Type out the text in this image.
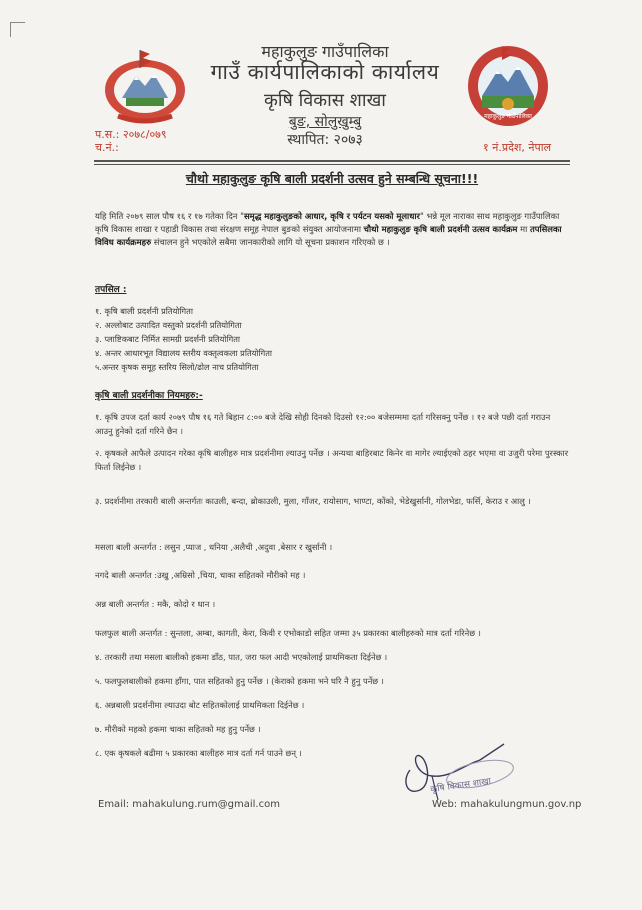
महाकुलुङ गाउँपालिका
महाकुलुङ गाउँपालिका
गाउँ कार्यपालिकाको कार्यालय
कृषि विकास शाखा
बुङ, सोलुखुम्बु
स्थापित: २०७३
प.स.: २०७८/०७९
च.नं.:	१ नं.प्रदेश, नेपाल
चौथो महाकुलुङ कृषि बाली प्रदर्शनी उत्सव हुने सम्बन्धि सूचना!!!
यहि मिति २०७९ साल पौष १६ र १७ गतेका दिन "समृद्ध महाकुलुङको आधार, कृषि र पर्यटन यसको मूलाधार" भन्ने मूल नाराका साथ महाकुलुङ गाउँपालिका कृषि विकास शाखा र पहाडी विकास तथा संरक्षण समूह नेपाल बुङको संयुक्त आयोजनामा चौथो महाकुलुङ कृषि बाली प्रदर्शनी उत्सव कार्यक्रम मा तपसिलका विविध कार्यक्रमहरु संचालन हुने भएकोले सबैमा जानकारीको लागि यो सूचना प्रकाशन गरिएको छ ।
तपसिल :
१. कृषि बाली प्रदर्शनी प्रतियोगिता
२. अल्लोबाट उत्पादित वस्तुको प्रदर्शनी प्रतियोगिता
३. प्लाष्टिकबाट निर्मित सामग्री प्रदर्शनी प्रतियोगिता
४. अन्तर आधारभूत विद्यालय स्तरीय वक्तृत्वकला प्रतियोगिता
५.अन्तर कृषक समूह स्तरिय सिलो/ढोल नाच प्रतियोगिता
कृषि बाली प्रदर्शनीका नियमहरु:-
१. कृषि उपज दर्ता कार्य २०७९ पौष १६ गते बिहान ८:०० बजे देखि सोही दिनको दिउसो १२:०० बजेसम्ममा दर्ता गरिसक्नु पर्नेछ । १२ बजे पछी दर्ता गराउन आउनु हुनेको दर्ता गरिने छैन ।
२. कृषकले आफैले उत्पादन गरेका कृषि बालीहरु मात्र प्रदर्शनीमा ल्याउनु पर्नेछ । अन्यथा बाहिरबाट किनेर वा मागेर ल्याईएको ठहर भएमा वा उजुरी परेमा पुरस्कार फिर्ता लिईनेछ ।
३. प्रदर्शनीमा तरकारी बाली अन्तर्गतः काउली, बन्दा, ब्रोकाउली, मुला, गाँजर, रायोसाग, भाण्टा, कोंको, भेडेखुर्सानी, गोलभेडा, फर्सि, केराउ र आलु ।
मसला बाली अन्तर्गत : लसुन ,प्याज , धनिया ,अलैची ,अदुवा ,बेसार र खुर्सानी ।
नगदे बाली अन्तर्गत :उखु ,अम्रिसो ,चिया, चाका सहितको मौरीको मह ।
अन्न बाली अन्तर्गत : मकै, कोदो र धान ।
फलफुल बाली अन्तर्गत : सुन्तला, अम्बा, कागती, केरा, किवी र एभोकाडो सहित जम्मा ३५ प्रकारका बालीहरुको मात्र दर्ता गरिनेछ ।
४. तरकारी तथा मसला बालीको हकमा डाँठ, पात, जरा फल आदी भएकोलाई प्राथमिकता दिईनेछ ।
५. फलफुलबालीको हकमा हाँगा, पात सहितको हुनु पर्नेछ । (केराको हकमा भने घरि नै हुनु पर्नेछ ।
६. अन्नबाली प्रदर्शनीमा ल्याउदा बोट सहितकोलाई प्राथमिकता दिईनेछ ।
७. मौरीको महको हकमा चाका सहितको मह हुनु पर्नेछ ।
८. एक कृषकले बढीमा ५ प्रकारका बालीहरु मात्र दर्ता गर्न पाउने छन् ।
कृषि विकास शाखा
Email: mahakulung.rum@gmail.com	Web: mahakulungmun.gov.np
